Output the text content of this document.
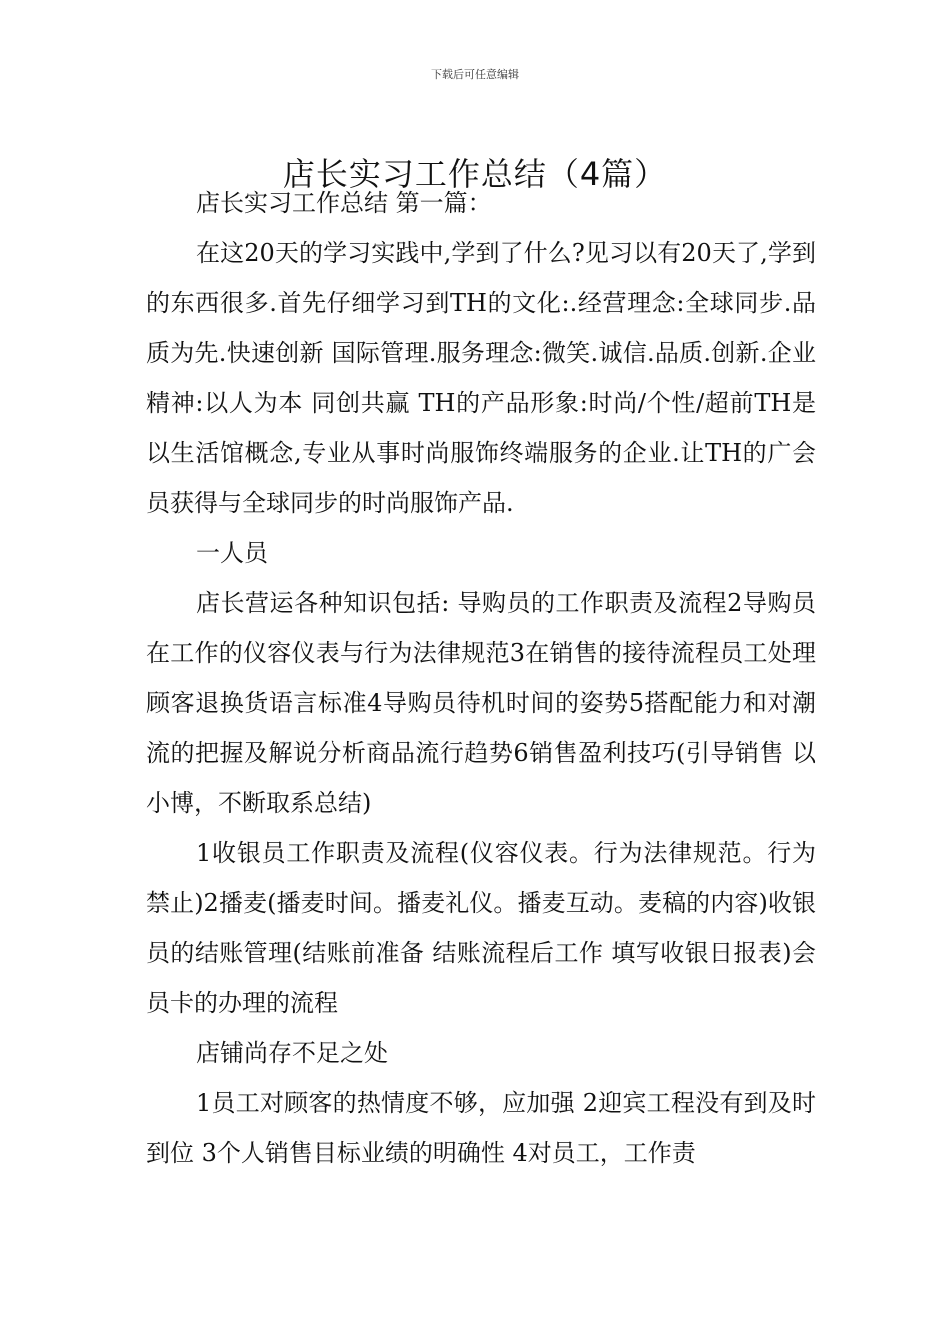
下载后可任意编辑
店长实习工作总结（4篇）

店长实习工作总结 第一篇：

在这20天的学习实践中,学到了什么?见习以有20天了,学到的东西很多.首先仔细学习到TH的文化:.经营理念:全球同步.品质为先.快速创新 国际管理.服务理念:微笑.诚信.品质.创新.企业精神:以人为本 同创共赢 TH的产品形象:时尚/个性/超前TH是以生活馆概念,专业从事时尚服饰终端服务的企业.让TH的广会员获得与全球同步的时尚服饰产品.

一人员

店长营运各种知识包括: 导购员的工作职责及流程2导购员在工作的仪容仪表与行为法律规范3在销售的接待流程员工处理顾客退换货语言标准4导购员待机时间的姿势5搭配能力和对潮流的把握及解说分析商品流行趋势6销售盈利技巧(引导销售 以小博，不断取系总结)

1收银员工作职责及流程(仪容仪表。行为法律规范。行为禁止)2播麦(播麦时间。播麦礼仪。播麦互动。麦稿的内容)收银员的结账管理(结账前准备 结账流程后工作 填写收银日报表)会员卡的办理的流程

店铺尚存不足之处

1员工对顾客的热情度不够，应加强 2迎宾工程没有到及时到位 3个人销售目标业绩的明确性 4对员工，工作责
